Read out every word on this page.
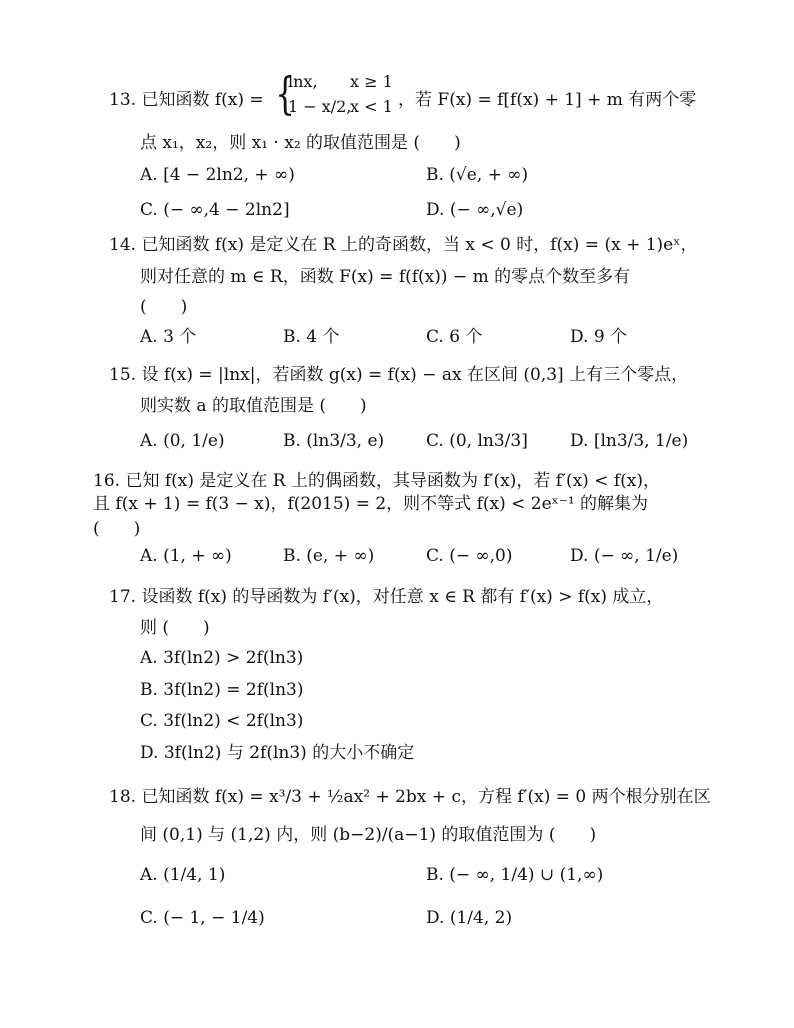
13. 已知函数 f(x) = {
lnx, x ≥ 1
1 − x/2,
x < 1 ，若 F(x) = f[f(x) + 1] + m 有两个零
点 x₁，x₂，则 x₁ · x₂ 的取值范围是 (　　)
A. [4 − 2ln2, + ∞)	B. (√e, + ∞)
C. (− ∞,4 − 2ln2]	D. (− ∞,√e)
14. 已知函数 f(x) 是定义在 R 上的奇函数，当 x < 0 时，f(x) = (x + 1)eˣ，
则对任意的 m ∈ R，函数 F(x) = f(f(x)) − m 的零点个数至多有
(　　)
A. 3 个	B. 4 个	C. 6 个	D. 9 个
15. 设 f(x) = |lnx|，若函数 g(x) = f(x) − ax 在区间 (0,3] 上有三个零点，
则实数 a 的取值范围是 (　　)
A. (0, 1/e)	B. (ln3/3, e) C. (0, ln3/3] D. [ln3/3, 1/e)
16. 已知 f(x) 是定义在 R 上的偶函数，其导函数为 f′(x)，若 f′(x) < f(x)，
且 f(x + 1) = f(3 − x)，f(2015) = 2，则不等式 f(x) < 2eˣ⁻¹ 的解集为
(　　)
A. (1, + ∞)	B. (e, + ∞)	C. (− ∞,0)	D. (− ∞, 1/e)
17. 设函数 f(x) 的导函数为 f′(x)，对任意 x ∈ R 都有 f′(x) > f(x) 成立，
则 (　　)
A. 3f(ln2) > 2f(ln3)
B. 3f(ln2) = 2f(ln3)
C. 3f(ln2) < 2f(ln3)
D. 3f(ln2) 与 2f(ln3) 的大小不确定
18. 已知函数 f(x) = x³/3 + ½ax² + 2bx + c，方程 f′(x) = 0 两个根分别在区
间 (0,1) 与 (1,2) 内，则 (b−2)/(a−1) 的取值范围为 (　　)
A. (1/4, 1)	B. (− ∞, 1/4) ∪ (1,∞)
C. (− 1, − 1/4)	D. (1/4, 2)
